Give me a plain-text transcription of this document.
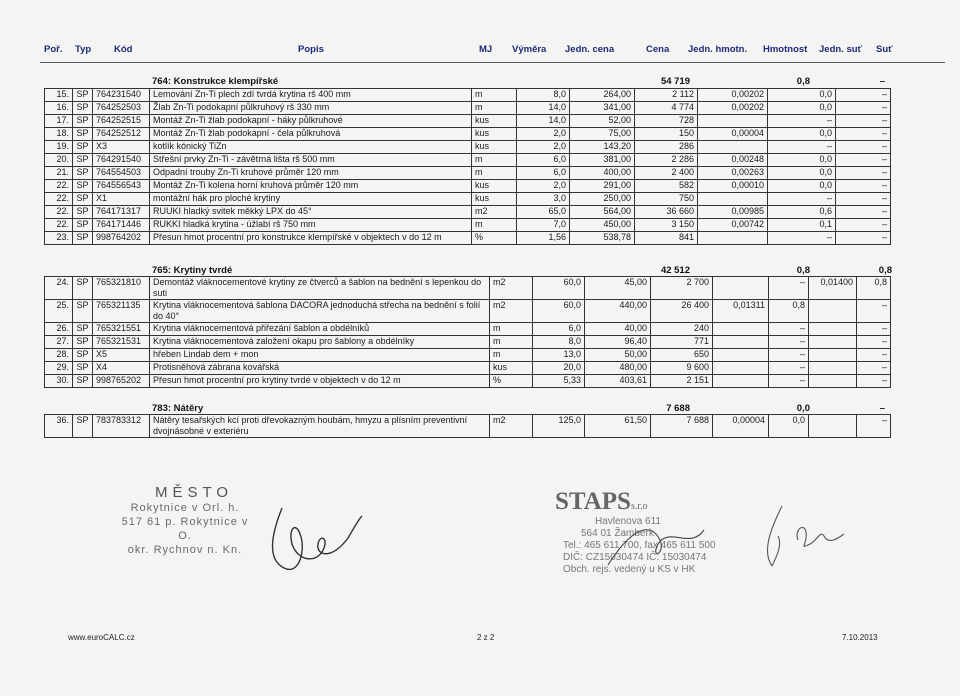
Poř. Typ Kód	Popis	MJ Výměra Jedn. cena	Cena Jedn. hmotn. Hmotnost Jedn. suť Suť
764: Konstrukce klempířské	54 719	0,8	–
15.	SP	764231540	Lemování Zn-Ti plech zdí tvrdá krytina rš 400 mm	m	8,0	264,00	2 112	0,00202	0,0	–
16.	SP	764252503	Žlab Zn-Ti podokapní půlkruhový rš 330 mm	m	14,0	341,00	4 774	0,00202	0,0	–
17.	SP	764252515	Montáž Zn-Ti žlab podokapní - háky půlkruhové	kus	14,0	52,00	728		–	–
18.	SP	764252512	Montáž Zn-Ti žlab podokapní - čela půlkruhová	kus	2,0	75,00	150	0,00004	0,0	–
19.	SP	X3	kotlík kónický TiZn	kus	2,0	143,20	286		–	–
20.	SP	764291540	Střešní prvky Zn-Ti - závětrná lišta rš 500 mm	m	6,0	381,00	2 286	0,00248	0,0	–
21.	SP	764554503	Odpadní trouby Zn-Ti kruhové průměr 120 mm	m	6,0	400,00	2 400	0,00263	0,0	–
22.	SP	764556543	Montáž Zn-Ti kolena horní kruhová průměr 120 mm	kus	2,0	291,00	582	0,00010	0,0	–
22.	SP	X1	montážní hák pro ploché krytiny	kus	3,0	250,00	750		–	–
22.	SP	764171317	RUUKI hladký svitek měkký LPX do 45°	m2	65,0	564,00	36 660	0,00985	0,6	–
22.	SP	764171446	RUKKI hladká krytina - úžlabí rš 750 mm	m	7,0	450,00	3 150	0,00742	0,1	–
23.	SP	998764202	Přesun hmot procentní pro konstrukce klempířské v objektech v do 12 m	%	1,56	538,78	841		–	–
765: Krytiny tvrdé	42 512	0,8	0,8
24.	SP	765321810	Demontáž vláknocementové krytiny ze čtverců a šablon na bednění s lepenkou do suti	m2	60,0	45,00	2 700		–	0,01400	0,8
25.	SP	765321135	Krytina vláknocementová šablona DACORA jednoduchá střecha na bednění s folií do 40°	m2	60,0	440,00	26 400	0,01311	0,8		–
26.	SP	765321551	Krytina vláknocementová přiřezání šablon a obdélníků	m	6,0	40,00	240		–		–
27.	SP	765321531	Krytina vláknocementová založení okapu pro šablony a obdélníky	m	8,0	96,40	771		–		–
28.	SP	X5	hřeben Lindab dem + mon	m	13,0	50,00	650		–		–
29.	SP	X4	Protisněhová zábrana kovářská	kus	20,0	480,00	9 600		–		–
30.	SP	998765202	Přesun hmot procentní pro krytiny tvrdé v objektech v do 12 m	%	5,33	403,61	2 151		–		–
783: Nátěry	7 688	0,0	–
36.	SP	783783312	Nátěry tesařských kcí proti dřevokazným houbám, hmyzu a plísním preventivní dvojnásobné v exteriéru	m2	125,0	61,50	7 688	0,00004	0,0		–
MĚSTO
Rokytnice v Orl. h.
517 61 p. Rokytnice v O.
okr. Rychnov n. Kn.
STAPSs.r.o
Havlenova 611
564 01 Žamberk
Tel.: 465 611 700, fax 465 611 500
DIČ: CZ15030474 IČ: 15030474
Obch. rejs. vedený u KS v HK
www.euroCALC.cz	2 z 2	7.10.2013
